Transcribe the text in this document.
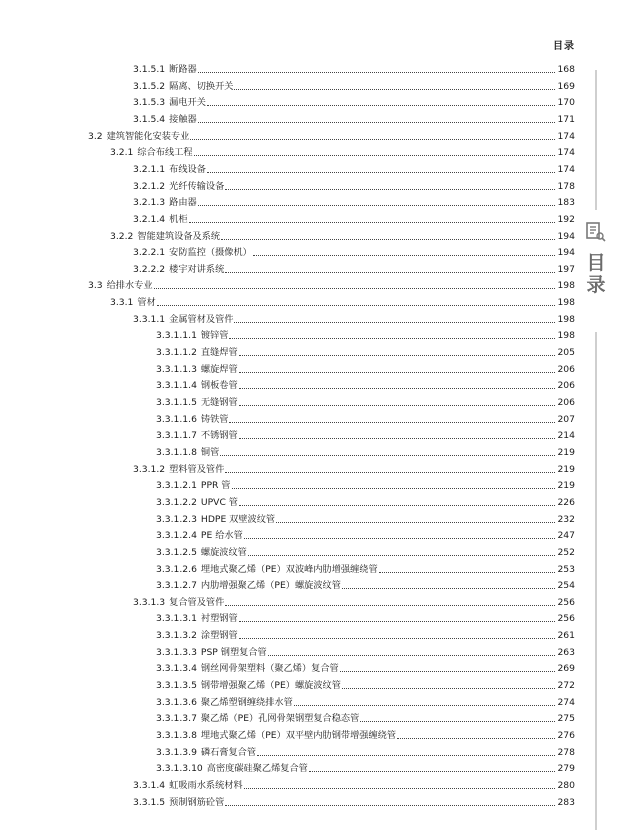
目录
3.1.5.1 断路器	168
3.1.5.2 隔离、切换开关	169
3.1.5.3 漏电开关	170
3.1.5.4 接触器	171
3.2 建筑智能化安装专业	174
3.2.1 综合布线工程	174
3.2.1.1 布线设备	174
3.2.1.2 光纤传输设备	178
3.2.1.3 路由器	183
3.2.1.4 机柜	192
3.2.2 智能建筑设备及系统	194
3.2.2.1 安防监控（摄像机）	194
3.2.2.2 楼宇对讲系统	197
3.3 给排水专业	198
3.3.1 管材	198
3.3.1.1 金属管材及管件	198
3.3.1.1.1 镀锌管	198
3.3.1.1.2 直缝焊管	205
3.3.1.1.3 螺旋焊管	206
3.3.1.1.4 钢板卷管	206
3.3.1.1.5 无缝钢管	206
3.3.1.1.6 铸铁管	207
3.3.1.1.7 不锈钢管	214
3.3.1.1.8 铜管	219
3.3.1.2 塑料管及管件	219
3.3.1.2.1 PPR 管	219
3.3.1.2.2 UPVC 管	226
3.3.1.2.3 HDPE 双壁波纹管	232
3.3.1.2.4 PE 给水管	247
3.3.1.2.5 螺旋波纹管	252
3.3.1.2.6 埋地式聚乙烯（PE）双波峰内肋增强缠绕管	253
3.3.1.2.7 内肋增强聚乙烯（PE）螺旋波纹管	254
3.3.1.3 复合管及管件	256
3.3.1.3.1 衬塑钢管	256
3.3.1.3.2 涂塑钢管	261
3.3.1.3.3 PSP 钢塑复合管	263
3.3.1.3.4 钢丝网骨架塑料（聚乙烯）复合管	269
3.3.1.3.5 钢带增强聚乙烯（PE）螺旋波纹管	272
3.3.1.3.6 聚乙烯塑钢缠绕排水管	274
3.3.1.3.7 聚乙烯（PE）孔网骨架钢塑复合稳态管	275
3.3.1.3.8 埋地式聚乙烯（PE）双平壁内肋钢带增强缠绕管	276
3.3.1.3.9 磷石膏复合管	278
3.3.1.3.10 高密度碳硅聚乙烯复合管	279
3.3.1.4 虹吸雨水系统材料	280
3.3.1.5 预制钢筋砼管	283
目
录
